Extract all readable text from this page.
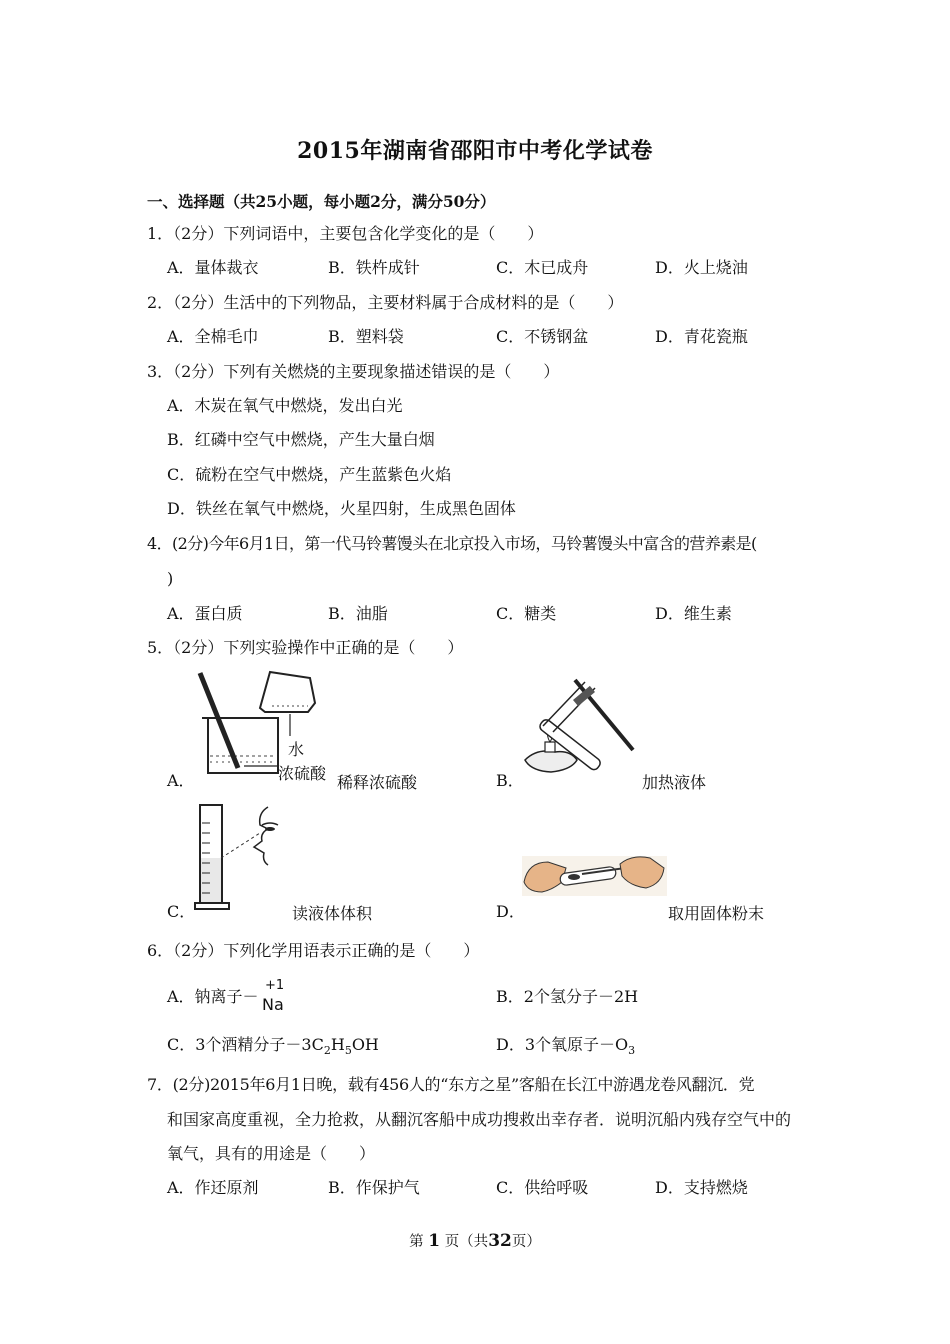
2015年湖南省邵阳市中考化学试卷
一、选择题（共25小题，每小题2分，满分50分）
1．（2分）下列词语中，主要包含化学变化的是（　　）
A．量体裁衣	B．铁杵成针	C．木已成舟	D．火上烧油
2．（2分）生活中的下列物品，主要材料属于合成材料的是（　　）
A．全棉毛巾	B．塑料袋	C．不锈钢盆	D．青花瓷瓶
3．（2分）下列有关燃烧的主要现象描述错误的是（　　）
A．木炭在氧气中燃烧，发出白光
B．红磷中空气中燃烧，产生大量白烟
C．硫粉在空气中燃烧，产生蓝紫色火焰
D．铁丝在氧气中燃烧，火星四射，生成黑色固体
4．(2分)今年6月1日，第一代马铃薯馒头在北京投入市场，马铃薯馒头中富含的营养素是(
)
A．蛋白质	B．油脂	C．糖类	D．维生素
5．（2分）下列实验操作中正确的是（　　）
A．
水
浓硫酸 稀释浓硫酸	B．	加热液体
C．	读液体体积	D．	取用固体粉末
6．（2分）下列化学用语表示正确的是（　　）
A．钠离子－
+1
Na	B．2个氢分子－2H
C．3个酒精分子$-3C_2H_5OH$	D．3个氧原子$-O_3$
7．(2分)2015年6月1日晚，载有456人的“东方之星”客船在长江中游遇龙卷风翻沉．党
和国家高度重视，全力抢救，从翻沉客船中成功搜救出幸存者．说明沉船内残存空气中的
氧气，具有的用途是（　　）
A．作还原剂	B．作保护气	C．供给呼吸	D．支持燃烧
第 1 页（共32页）
